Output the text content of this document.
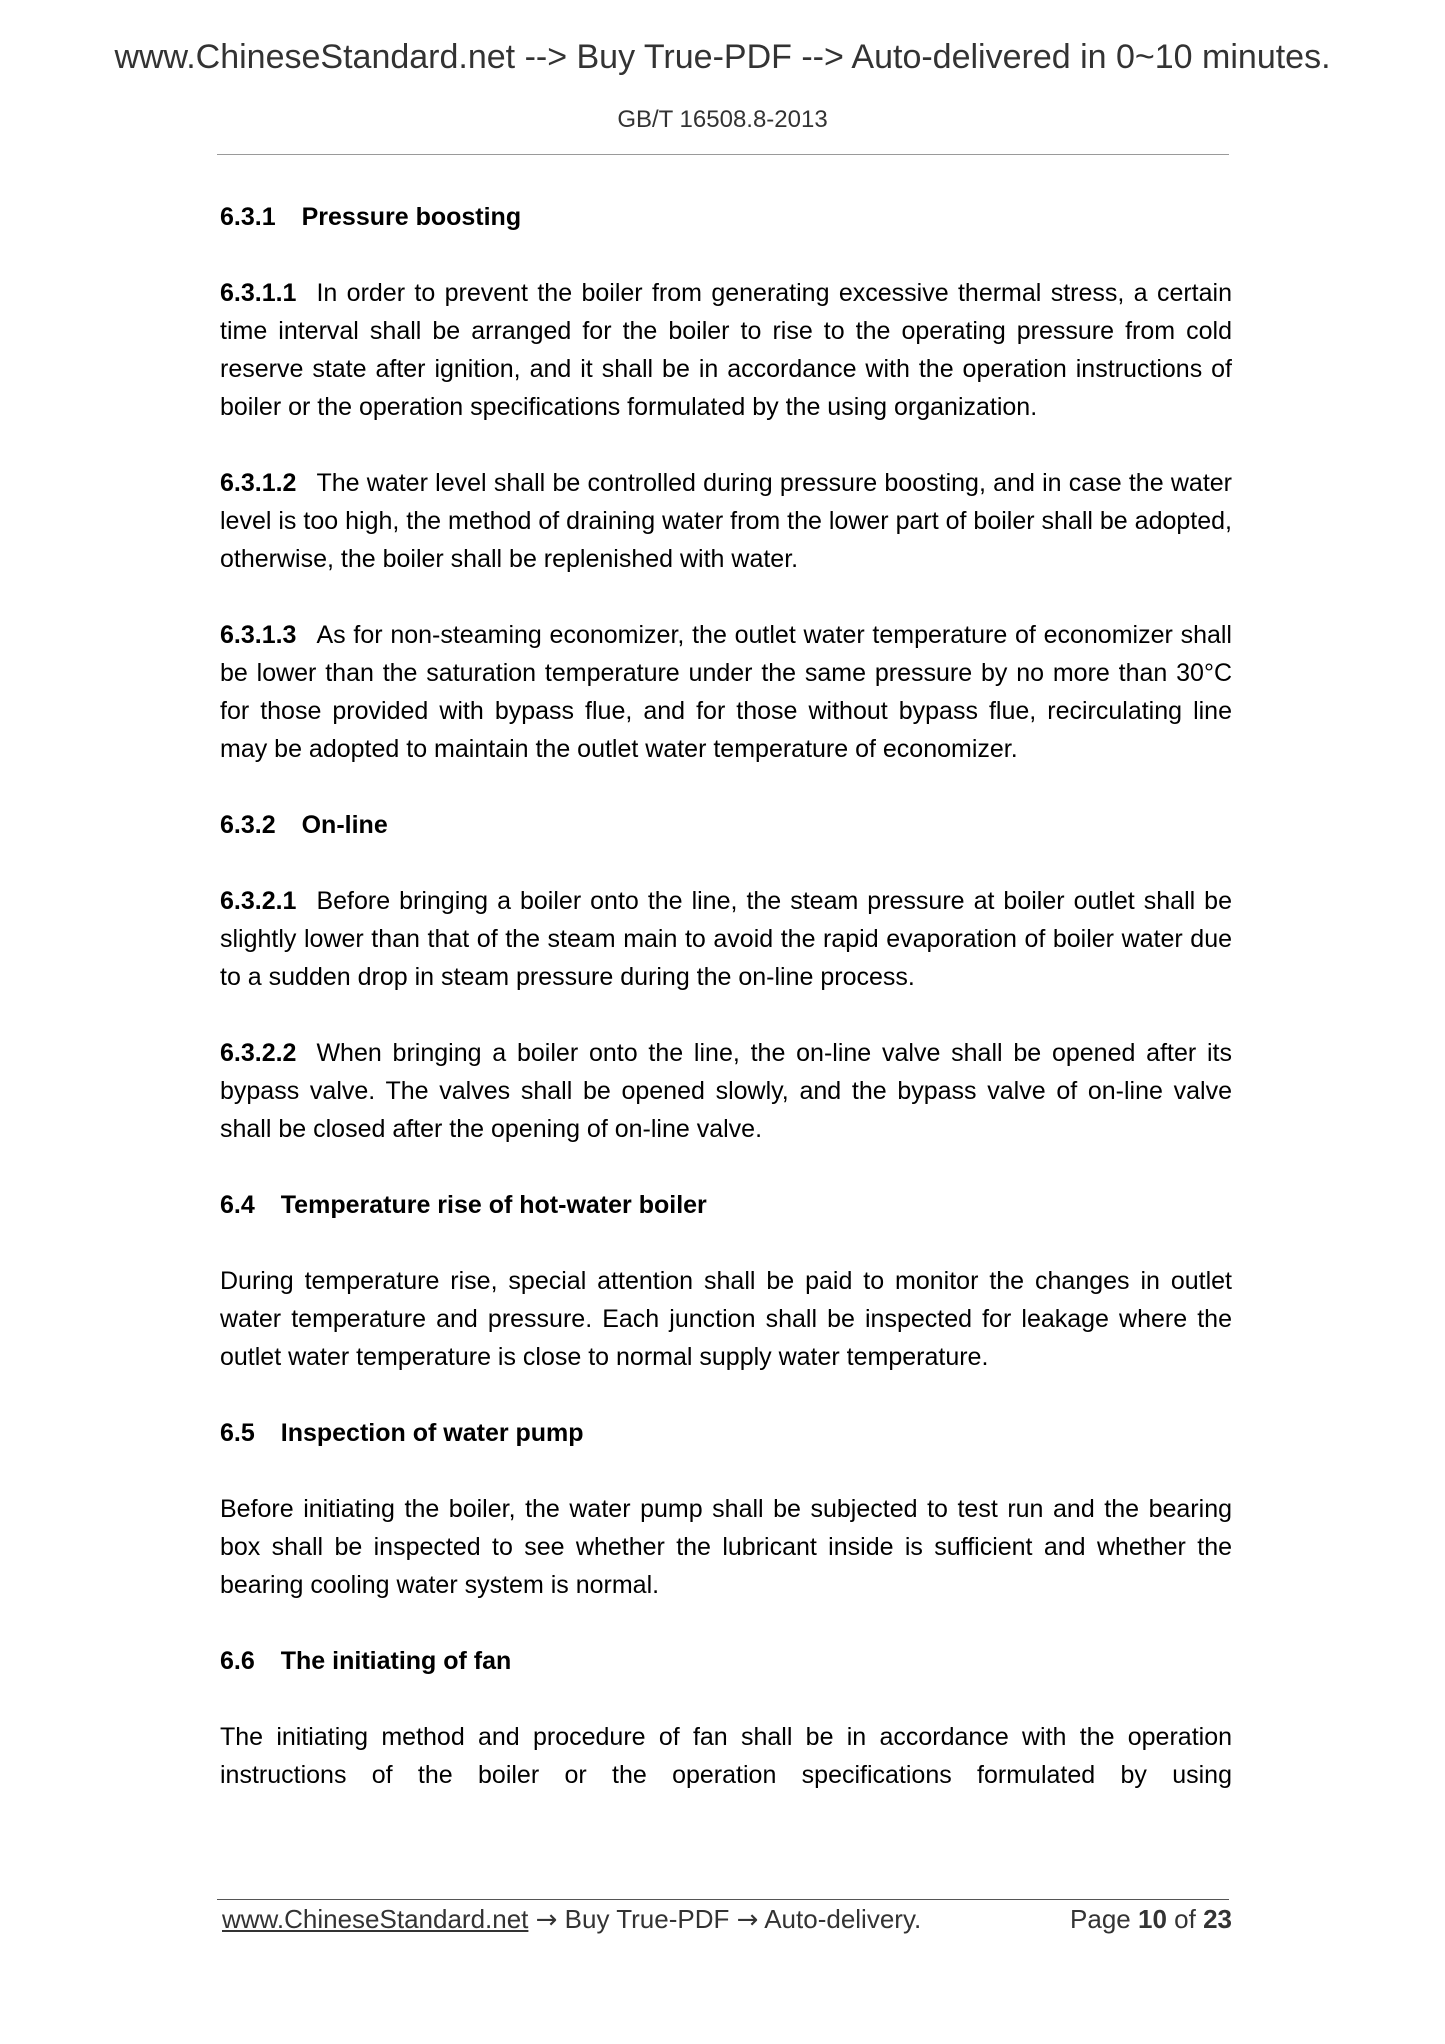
www.ChineseStandard.net --> Buy True-PDF --> Auto-delivered in 0~10 minutes.
GB/T 16508.8-2013
6.3.1 Pressure boosting

6.3.1.1 In order to prevent the boiler from generating excessive thermal stress, a certain time interval shall be arranged for the boiler to rise to the operating pressure from cold reserve state after ignition, and it shall be in accordance with the operation instructions of boiler or the operation specifications formulated by the using organization.

6.3.1.2 The water level shall be controlled during pressure boosting, and in case the water level is too high, the method of draining water from the lower part of boiler shall be adopted, otherwise, the boiler shall be replenished with water.

6.3.1.3 As for non-steaming economizer, the outlet water temperature of economizer shall be lower than the saturation temperature under the same pressure by no more than 30°C for those provided with bypass flue, and for those without bypass flue, recirculating line may be adopted to maintain the outlet water temperature of economizer.

6.3.2 On-line

6.3.2.1 Before bringing a boiler onto the line, the steam pressure at boiler outlet shall be slightly lower than that of the steam main to avoid the rapid evaporation of boiler water due to a sudden drop in steam pressure during the on-line process.

6.3.2.2 When bringing a boiler onto the line, the on-line valve shall be opened after its bypass valve. The valves shall be opened slowly, and the bypass valve of on-line valve shall be closed after the opening of on-line valve.

6.4 Temperature rise of hot-water boiler

During temperature rise, special attention shall be paid to monitor the changes in outlet water temperature and pressure. Each junction shall be inspected for leakage where the outlet water temperature is close to normal supply water temperature.

6.5 Inspection of water pump

Before initiating the boiler, the water pump shall be subjected to test run and the bearing box shall be inspected to see whether the lubricant inside is sufficient and whether the bearing cooling water system is normal.

6.6 The initiating of fan

The initiating method and procedure of fan shall be in accordance with the operation instructions of the boiler or the operation specifications formulated by using

www.ChineseStandard.net → Buy True-PDF → Auto-delivery.	Page 10 of 23
